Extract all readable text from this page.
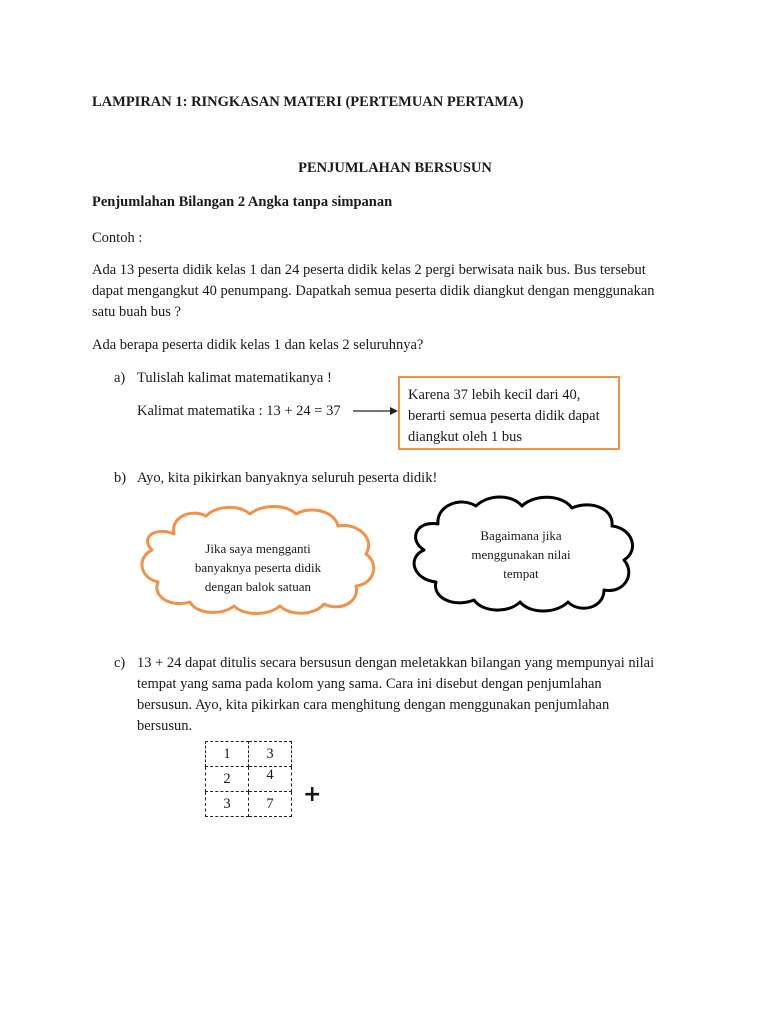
LAMPIRAN 1: RINGKASAN MATERI (PERTEMUAN PERTAMA)
PENJUMLAHAN BERSUSUN
Penjumlahan Bilangan 2 Angka tanpa simpanan
Contoh :
Ada 13 peserta didik kelas 1 dan 24 peserta didik kelas 2 pergi berwisata naik bus. Bus tersebut
dapat mengangkut 40 penumpang. Dapatkah semua peserta didik diangkut dengan menggunakan
satu buah bus ?
Ada berapa peserta didik kelas 1 dan kelas 2 seluruhnya?
a) Tulislah kalimat matematikanya !
Kalimat matematika : 13 + 24 = 37
Karena 37 lebih kecil dari 40,
berarti semua peserta didik dapat
diangkut oleh 1 bus
b) Ayo, kita pikirkan banyaknya seluruh peserta didik!
Jika saya mengganti
banyaknya peserta didik
dengan balok satuan
Bagaimana jika
menggunakan nilai
tempat
c) 13 + 24 dapat ditulis secara bersusun dengan meletakkan bilangan yang mempunyai nilai
tempat yang sama pada kolom yang sama. Cara ini disebut dengan penjumlahan
bersusun. Ayo, kita pikirkan cara menghitung dengan menggunakan penjumlahan
bersusun.
1	3
2	4
3	7 +
